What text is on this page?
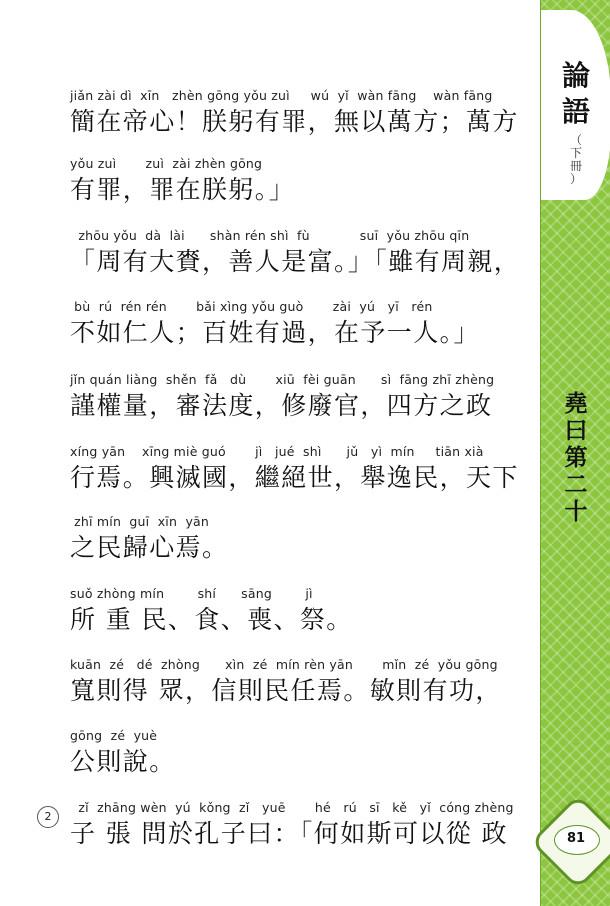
jiǎn zài dì  xīn   zhèn gōng yǒu zuì     wú  yǐ  wàn fāng    wàn fāng
簡在帝心！朕躬有罪，無以萬方；萬方
yǒu zuì       zuì  zài zhèn gōng
有罪，罪在朕躬。」
zhōu yǒu  dà  lài      shàn rén shì  fù            suī  yǒu zhōu qīn
「周有大賚，善人是富。」「雖有周親，
bù  rú  rén rén       bǎi xìng yǒu guò       zài  yú   yī   rén
不如仁人；百姓有過，在予一人。」
jǐn quán liàng  shěn  fǎ   dù       xiū  fèi guān      sì  fāng zhī zhèng
謹權量，審法度，修廢官，四方之政
xíng yān    xīng miè guó       jì   jué  shì      jǔ   yì  mín     tiān xià
行焉。興滅國，繼絕世，舉逸民，天下
zhī mín  guī  xīn  yān
之民歸心焉。
suǒ zhòng mín        shí      sāng        jì
所 重 民、食、喪、祭。
kuān  zé   dé  zhòng      xìn  zé  mín rèn yān       mǐn  zé  yǒu gōng
寬則得 眾，信則民任焉。敏則有功，
gōng  zé  yuè
公則說。
zǐ  zhāng wèn  yú  kǒng  zǐ   yuē       hé   rú   sī   kě   yǐ  cóng zhèng
子 張 問於孔子曰：「何如斯可以從 政
2
論
語
（
下
冊
）
堯
曰
第
二
十
81
